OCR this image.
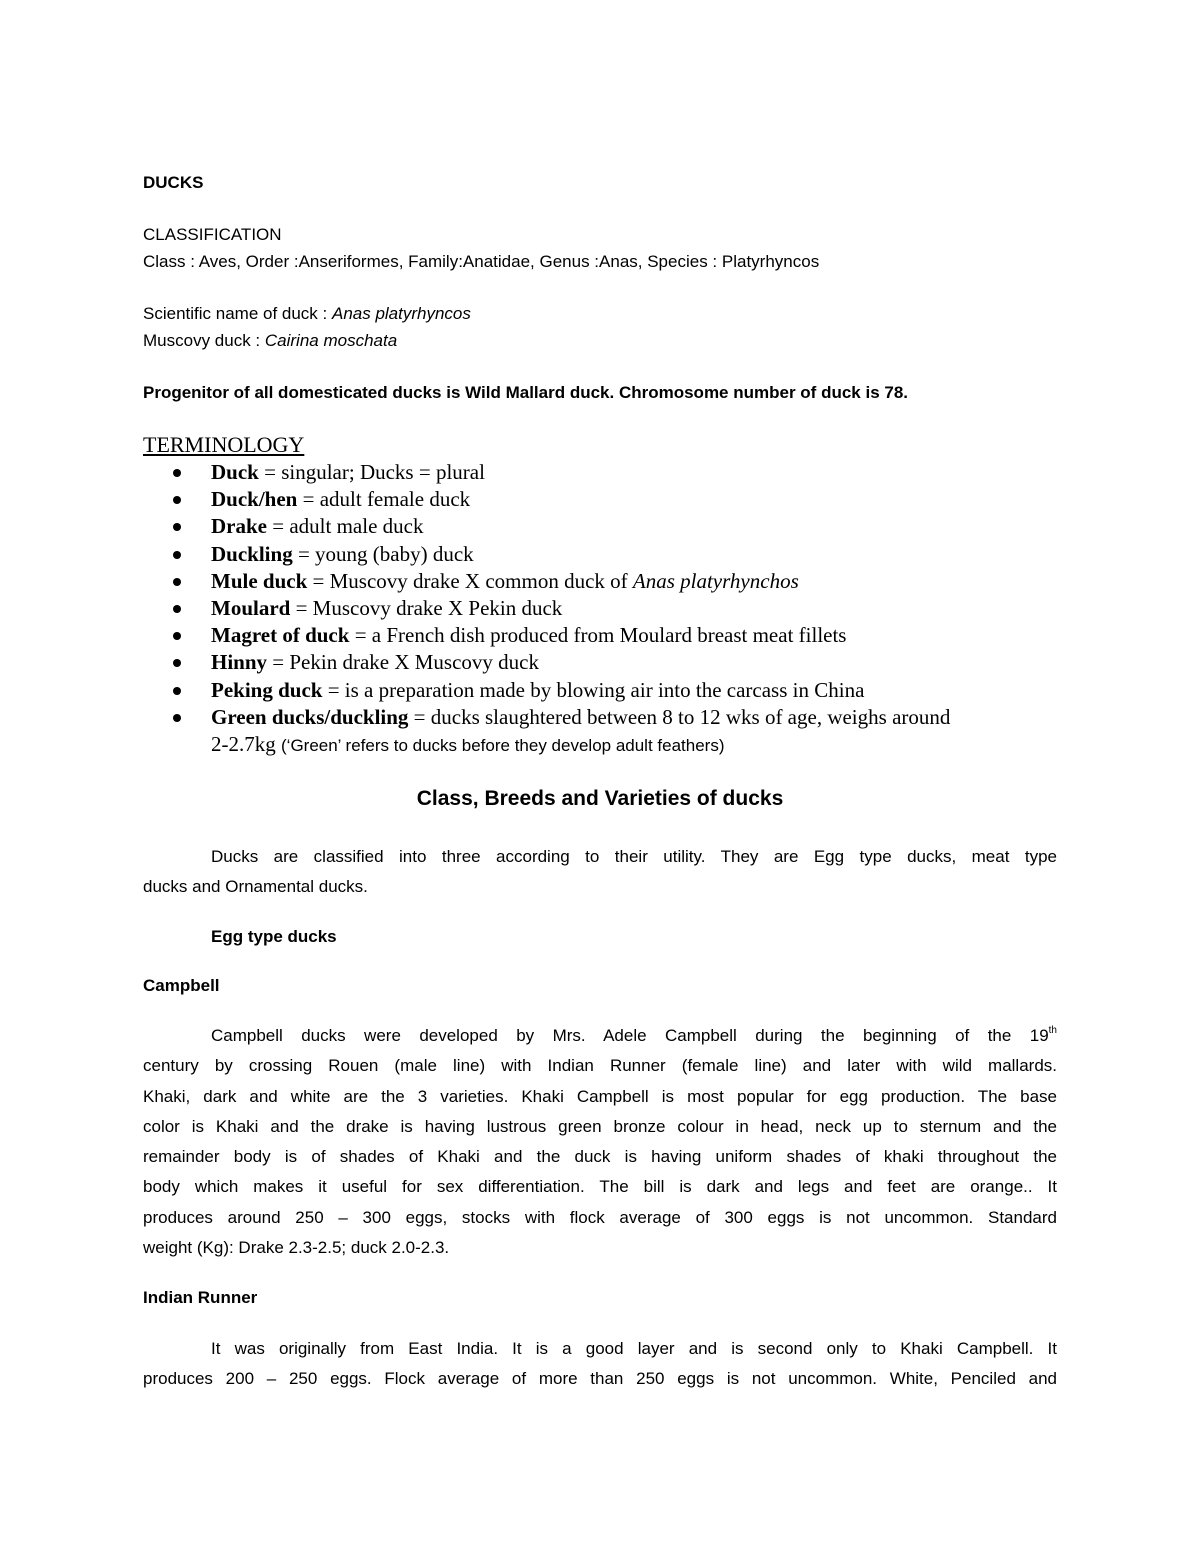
DUCKS
CLASSIFICATION
Class : Aves, Order :Anseriformes, Family:Anatidae, Genus :Anas, Species : Platyrhyncos
Scientific name of duck : Anas platyrhyncos
Muscovy duck : Cairina moschata
Progenitor of all domesticated ducks is Wild Mallard duck. Chromosome number of duck is 78.
TERMINOLOGY
Duck = singular; Ducks = plural
Duck/hen = adult female duck
Drake = adult male duck
Duckling = young (baby) duck
Mule duck = Muscovy drake X common duck of Anas platyrhynchos
Moulard = Muscovy drake X Pekin duck
Magret of duck = a French dish produced from Moulard breast meat fillets
Hinny = Pekin drake X Muscovy duck
Peking duck = is a preparation made by blowing air into the carcass in China
Green ducks/duckling = ducks slaughtered between 8 to 12 wks of age, weighs around
2-2.7kg (‘Green’ refers to ducks before they develop adult feathers)
Class, Breeds and Varieties of ducks
Ducks are classified into three according to their utility. They are Egg type ducks, meat type
ducks and Ornamental ducks.
Egg type ducks
Campbell
Campbell ducks were developed by Mrs. Adele Campbell during the beginning of the 19th
century by crossing Rouen (male line) with Indian Runner (female line) and later with wild mallards.
Khaki, dark and white are the 3 varieties. Khaki Campbell is most popular for egg production. The base
color is Khaki and the drake is having lustrous green bronze colour in head, neck up to sternum and the
remainder body is of shades of Khaki and the duck is having uniform shades of khaki throughout the
body which makes it useful for sex differentiation. The bill is dark and legs and feet are orange.. It
produces around 250 – 300 eggs, stocks with flock average of 300 eggs is not uncommon. Standard
weight (Kg): Drake 2.3-2.5; duck 2.0-2.3.
Indian Runner
It was originally from East India. It is a good layer and is second only to Khaki Campbell. It
produces 200 – 250 eggs. Flock average of more than 250 eggs is not uncommon. White, Penciled and
